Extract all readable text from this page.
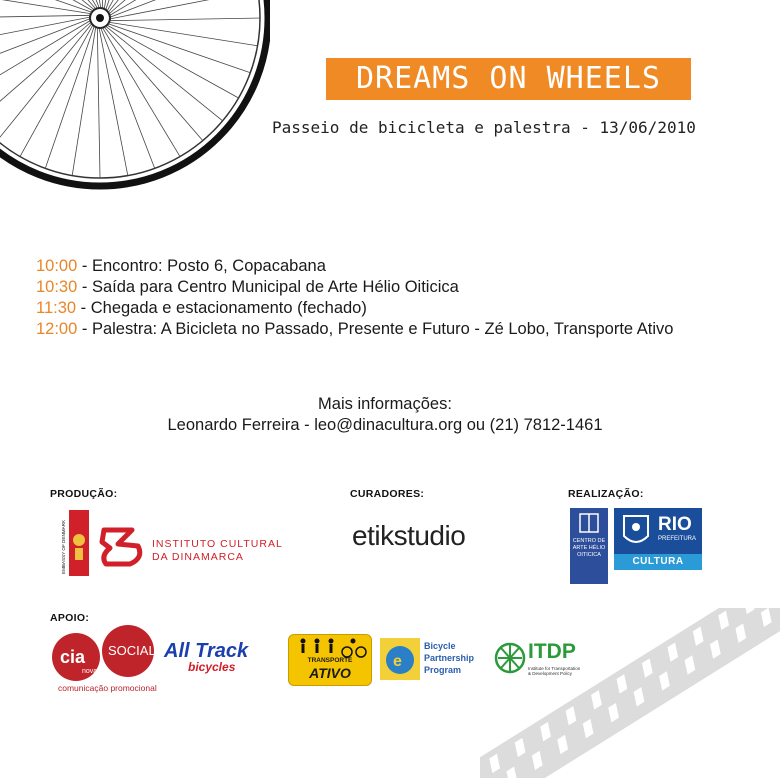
DREAMS ON WHEELS
Passeio de bicicleta e palestra - 13/06/2010
10:00 - Encontro: Posto 6, Copacabana
10:30 - Saída para Centro Municipal de Arte Hélio Oiticica
11:30 - Chegada e estacionamento (fechado)
12:00 - Palestra: A Bicicleta no Passado, Presente e Futuro - Zé Lobo, Transporte Ativo
Mais informações:
Leonardo Ferreira - leo@dinacultura.org ou (21) 7812-1461
PRODUÇÃO:	CURADORES:	REALIZAÇÃO:
APOIO:
EMBASSY OF DENMARK	INSTITUTO CULTURAL
DA DINAMARCA
etikstudio	CENTRO DE ARTE HÉLIO OITICICA
RIO
PREFEITURA
CULTURA
cia
nova
SOCIAL
comunicação promocional
All Track
bicycles	TRANSPORTE
ATIVO
e
Bicycle
Partnership
Program
ITDP
Institute for Transportation
& Development Policy
